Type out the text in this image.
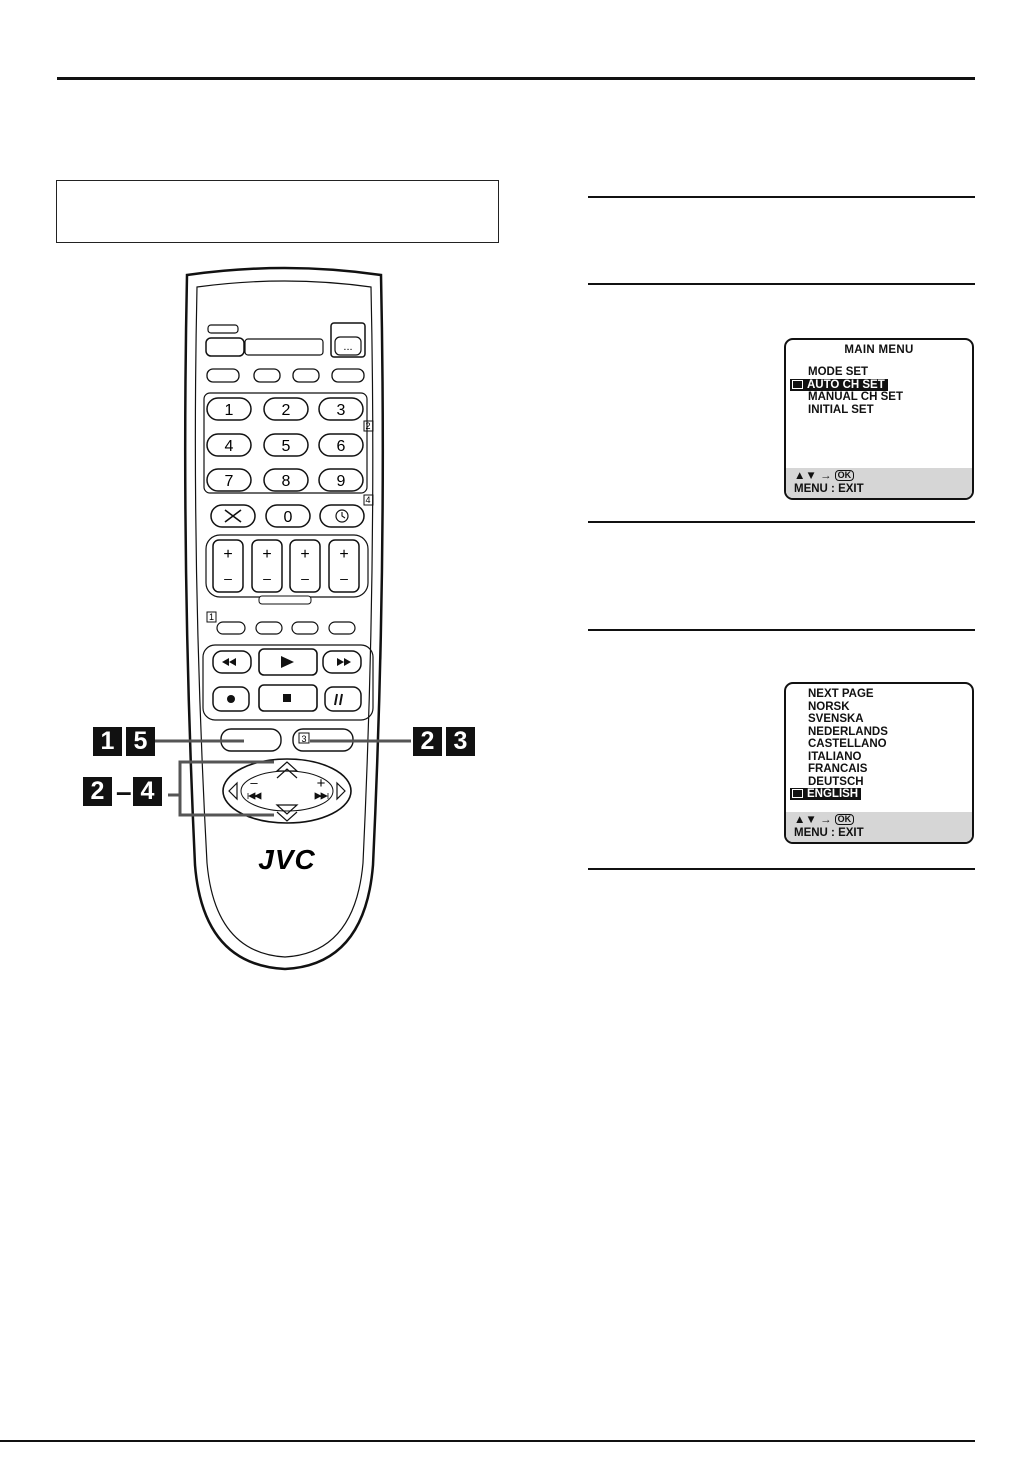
...
1	2	3
4	5	6
7	8	9
2
4
0
+
–
+
–
+
–
+
–
1
3
–	+
JVC
1 5	2 3
2 – 4
MAIN MENU
MODE SET
AUTO CH SET
MANUAL CH SET
INITIAL SET
▲▼ → OK
MENU : EXIT
NEXT PAGE
NORSK
SVENSKA
NEDERLANDS
CASTELLANO
ITALIANO
FRANCAIS
DEUTSCH
ENGLISH
▲▼ → OK
MENU : EXIT
